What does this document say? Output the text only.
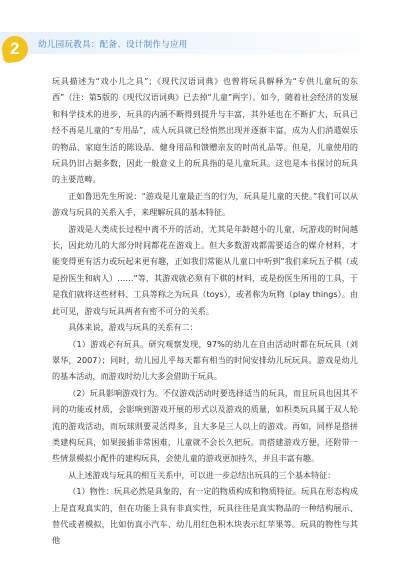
2 幼儿园玩教具：配备、设计制作与应用

玩具描述为“戏小儿之具”；《现代汉语词典》也曾将玩具解释为“专供儿童玩的东西”（注：第5版的《现代汉语词典》已去掉“儿童”两字）。如今，随着社会经济的发展和科学技术的进步，玩具的内涵不断得到提升与丰富，其外延也在不断扩大，玩具已经不再是儿童的“专用品”，成人玩具就已经悄然出现并逐渐丰富，成为人们消遣娱乐的物品、家庭生活的陈设品、健身用品和馈赠亲友的时尚礼品等。但是，儿童使用的玩具仍旧占据多数，因此一般意义上的玩具指的是儿童玩具。这也是本书探讨的玩具的主要范畴。

正如鲁迅先生所说：“游戏是儿童最正当的行为，玩具是儿童的天使。”我们可以从游戏与玩具的关系入手，来理解玩具的基本特征。

游戏是人类成长过程中离不开的活动，尤其是年龄越小的儿童，玩游戏的时间越长，因此幼儿的大部分时间都花在游戏上。但大多数游戏都需要适合的媒介材料，才能变得更有活力或玩起来更有趣，正如我们常能从儿童口中听到“我们来玩五子棋（或是扮医生和病人）……”等，其游戏就必须有下棋的材料，或是扮医生所用的工具，于是我们就将这些材料、工具等称之为玩具（toys），或者称为玩物（play things）。由此可见，游戏与玩具两者有密不可分的关系。

具体来说，游戏与玩具的关系有二：

（1）游戏必有玩具。研究观察发现，97%的幼儿在自由活动时都在玩玩具（刘翠华，2007）；同时，幼儿园儿乎每天都有相当的时间安排幼儿玩玩具。游戏是幼儿的基本活动，而游戏时幼儿大多会借助于玩具。

（2）玩具影响游戏行为。不仅游戏活动时要选择适当的玩具，而且玩具也因其不同的功能或材质，会影响到游戏开展的形式以及游戏的质量，如积类玩具属于双人轮流的游戏活动，而玩球则要灵活得多，且大多是三人以上的游戏。再如，同样是搭拼类建构玩具，如果接插非常困难，儿童就不会长久把玩。而搭建游戏方便，还附带一些情景模拟小配件的建构玩具，会使儿童的游戏更加持久，并且丰富有趣。

从上述游戏与玩具的相互关系中，可以进一步总结出玩具的三个基本特征：

（1）物性：玩具必然是具象的，有一定的物质构成和物质特征。玩具在形态构成上是直观真实的，但在功能上具有非真实性，玩具往往是真实物品的一种结构展示、替代或者模拟，比如仿真小汽车、幼儿用红色积木块表示红苹果等。玩具的物性与其他
